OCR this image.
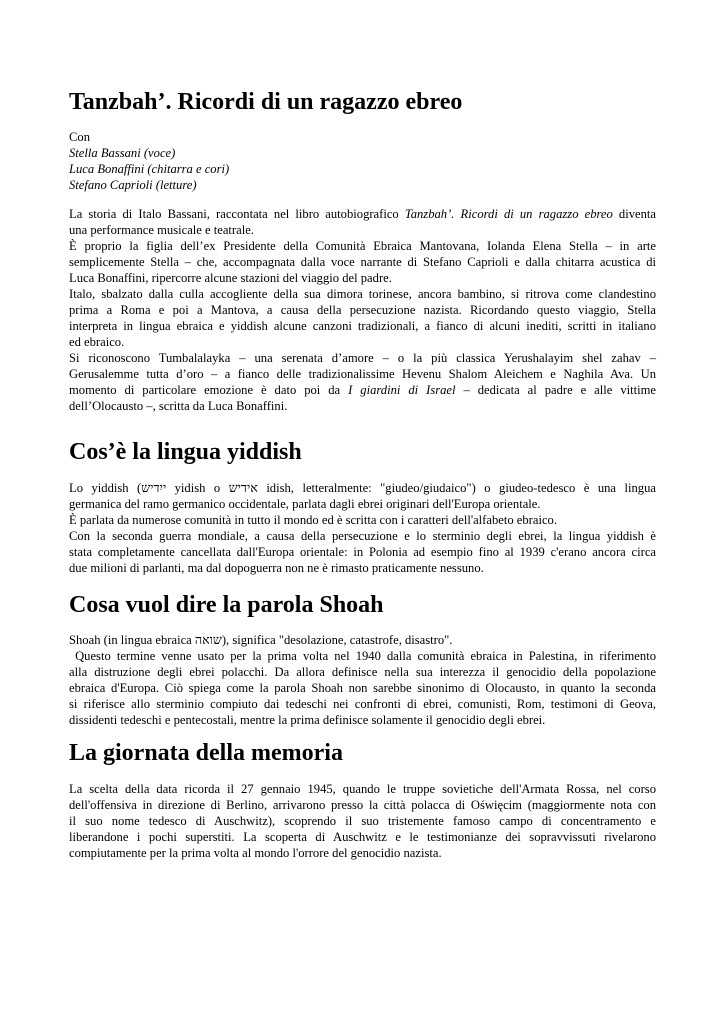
Tanzbah’. Ricordi di un ragazzo ebreo

Con

Stella Bassani (voce)

Luca Bonaffini (chitarra e cori)

Stefano Caprioli (letture)

La storia di Italo Bassani, raccontata nel libro autobiografico Tanzbah’. Ricordi di un ragazzo ebreo diventa
una performance musicale e teatrale.
È proprio la figlia dell’ex Presidente della Comunità Ebraica Mantovana, Iolanda Elena Stella – in arte
semplicemente Stella – che, accompagnata dalla voce narrante di Stefano Caprioli e dalla chitarra acustica di
Luca Bonaffini, ripercorre alcune stazioni del viaggio del padre.
Italo, sbalzato dalla culla accogliente della sua dimora torinese, ancora bambino, si ritrova come clandestino
prima a Roma e poi a Mantova, a causa della persecuzione nazista. Ricordando questo viaggio, Stella
interpreta in lingua ebraica e yiddish alcune canzoni tradizionali, a fianco di alcuni inediti, scritti in italiano
ed ebraico.
Si riconoscono Tumbalalayka – una serenata d’amore – o la più classica Yerushalayim shel zahav –
Gerusalemme tutta d’oro – a fianco delle tradizionalissime Hevenu Shalom Aleichem e Naghila Ava. Un
momento di particolare emozione è dato poi da I giardini di Israel – dedicata al padre e alle vittime
dell’Olocausto –, scritta da Luca Bonaffini.
Cos’è la lingua yiddish
Lo yiddish (ייִדיש yidish o אידיש idish, letteralmente: "giudeo/giudaico") o giudeo-tedesco è una lingua
germanica del ramo germanico occidentale, parlata dagli ebrei originari dell'Europa orientale.
È parlata da numerose comunità in tutto il mondo ed è scritta con i caratteri dell'alfabeto ebraico.
Con la seconda guerra mondiale, a causa della persecuzione e lo sterminio degli ebrei, la lingua yiddish è
stata completamente cancellata dall'Europa orientale: in Polonia ad esempio fino al 1939 c'erano ancora circa
due milioni di parlanti, ma dal dopoguerra non ne è rimasto praticamente nessuno.
Cosa vuol dire la parola Shoah
Shoah (in lingua ebraica שואה), significa "desolazione, catastrofe, disastro".
Questo termine venne usato per la prima volta nel 1940 dalla comunità ebraica in Palestina, in riferimento
alla distruzione degli ebrei polacchi. Da allora definisce nella sua interezza il genocidio della popolazione
ebraica d'Europa. Ciò spiega come la parola Shoah non sarebbe sinonimo di Olocausto, in quanto la seconda
si riferisce allo sterminio compiuto dai tedeschi nei confronti di ebrei, comunisti, Rom, testimoni di Geova,
dissidenti tedeschi e pentecostali, mentre la prima definisce solamente il genocidio degli ebrei.
La giornata della memoria
La scelta della data ricorda il 27 gennaio 1945, quando le truppe sovietiche dell'Armata Rossa, nel corso
dell'offensiva in direzione di Berlino, arrivarono presso la città polacca di Oświęcim (maggiormente nota con
il suo nome tedesco di Auschwitz), scoprendo il suo tristemente famoso campo di concentramento e
liberandone i pochi superstiti. La scoperta di Auschwitz e le testimonianze dei sopravvissuti rivelarono
compiutamente per la prima volta al mondo l'orrore del genocidio nazista.
